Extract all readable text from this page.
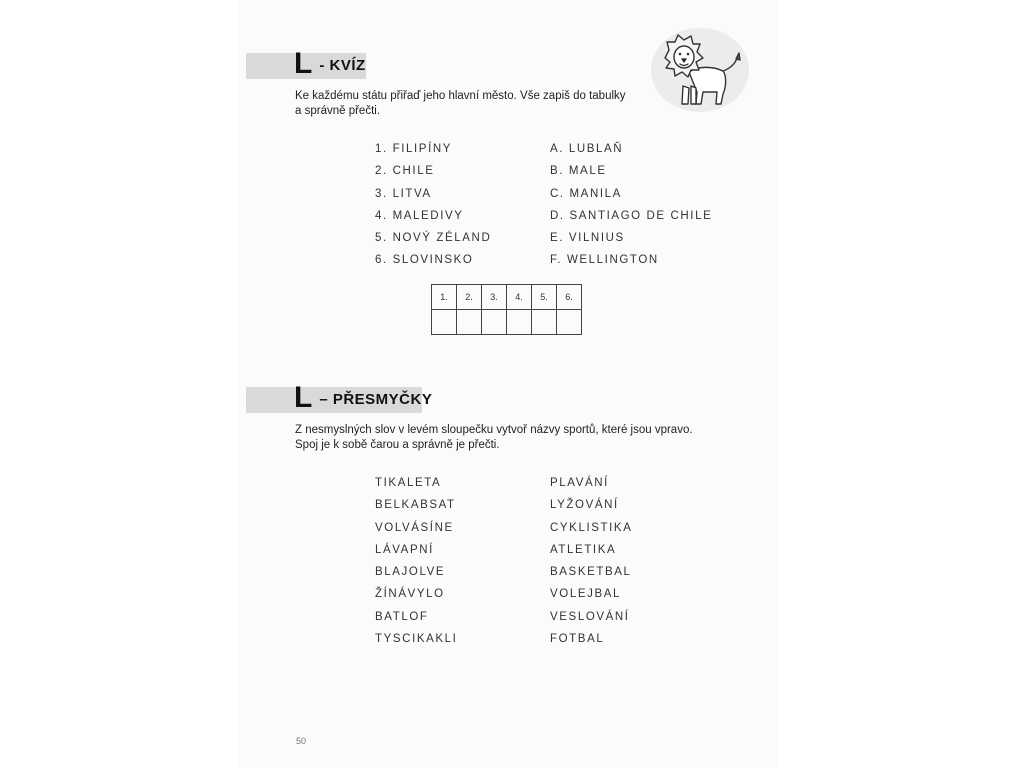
L - KVÍZ
Ke každému státu přiřaď jeho hlavní město. Vše zapiš do tabulky
a správně přečti.
1. FILIPÍNY
2. CHILE
3. LITVA
4. MALEDIVY
5. NOVÝ ZÉLAND
6. SLOVINSKO
A. LUBLAŇ
B. MALE
C. MANILA
D. SANTIAGO DE CHILE
E. VILNIUS
F. WELLINGTON
1.	2.	3.	4.	5.	6.

L – PŘESMYČKY
Z nesmyslných slov v levém sloupečku vytvoř názvy sportů, které jsou vpravo.
Spoj je k sobě čarou a správně je přečti.
TIKALETA
BELKABSAT
VOLVÁSÍNE
LÁVAPNÍ
BLAJOLVE
ŽÍNÁVYLO
BATLOF
TYSCIKAKLI
PLAVÁNÍ
LYŽOVÁNÍ
CYKLISTIKA
ATLETIKA
BASKETBAL
VOLEJBAL
VESLOVÁNÍ
FOTBAL
50
